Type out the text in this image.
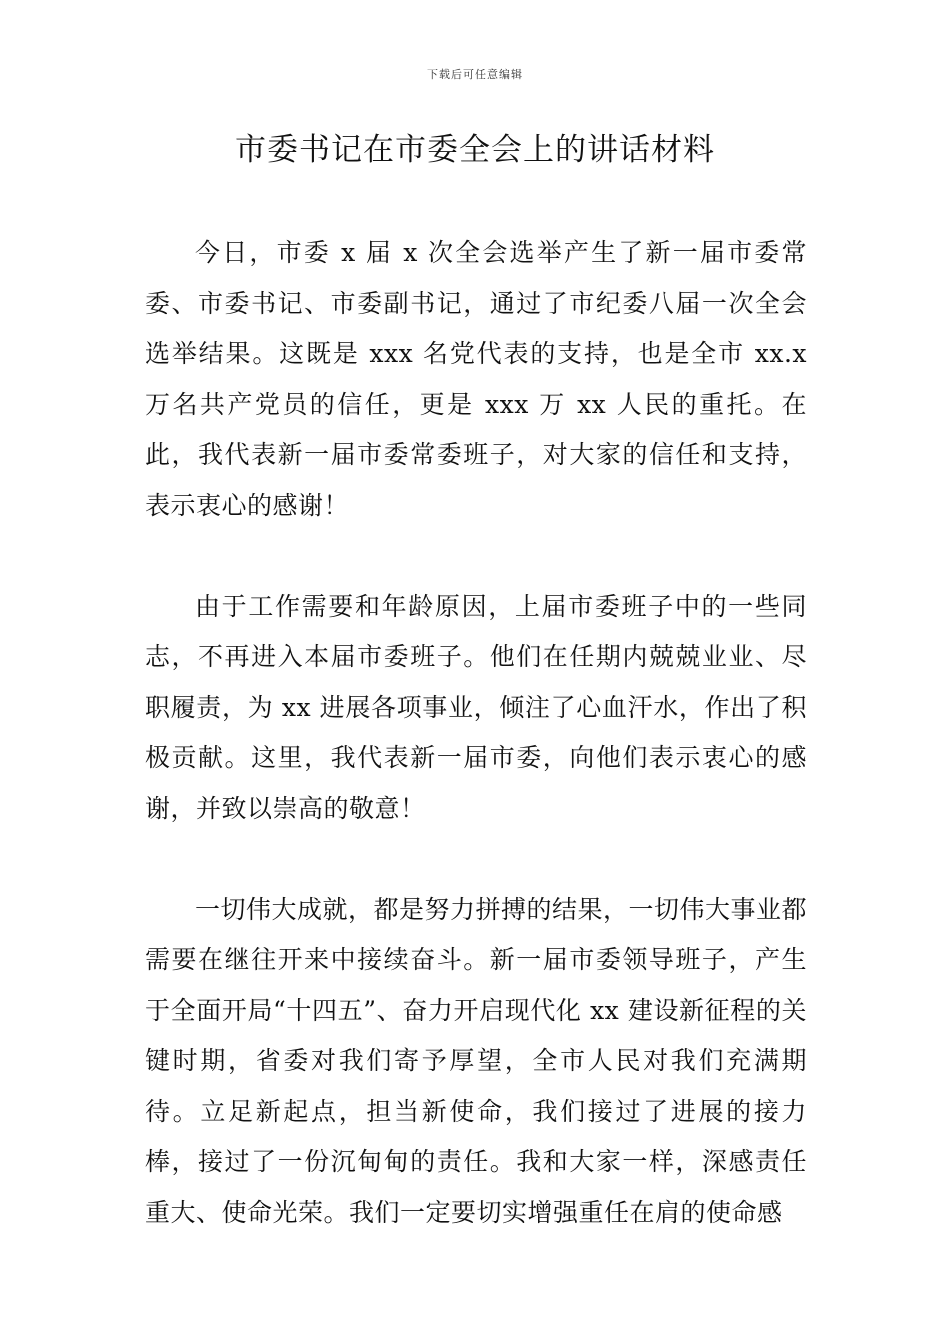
下载后可任意编辑
市委书记在市委全会上的讲话材料

今日，市委 x 届 x 次全会选举产生了新一届市委常委、市委书记、市委副书记，通过了市纪委八届一次全会选举结果。这既是 xxx 名党代表的支持，也是全市 xx.x 万名共产党员的信任，更是 xxx 万 xx 人民的重托。在此，我代表新一届市委常委班子，对大家的信任和支持，表示衷心的感谢！

由于工作需要和年龄原因，上届市委班子中的一些同志，不再进入本届市委班子。他们在任期内兢兢业业、尽职履责，为 xx 进展各项事业，倾注了心血汗水，作出了积极贡献。这里，我代表新一届市委，向他们表示衷心的感谢，并致以崇高的敬意！

一切伟大成就，都是努力拼搏的结果，一切伟大事业都需要在继往开来中接续奋斗。新一届市委领导班子，产生于全面开局“十四五”、奋力开启现代化 xx 建设新征程的关键时期，省委对我们寄予厚望，全市人民对我们充满期待。立足新起点，担当新使命，我们接过了进展的接力棒，接过了一份沉甸甸的责任。我和大家一样，深感责任重大、使命光荣。我们一定要切实增强重任在肩的使命感
